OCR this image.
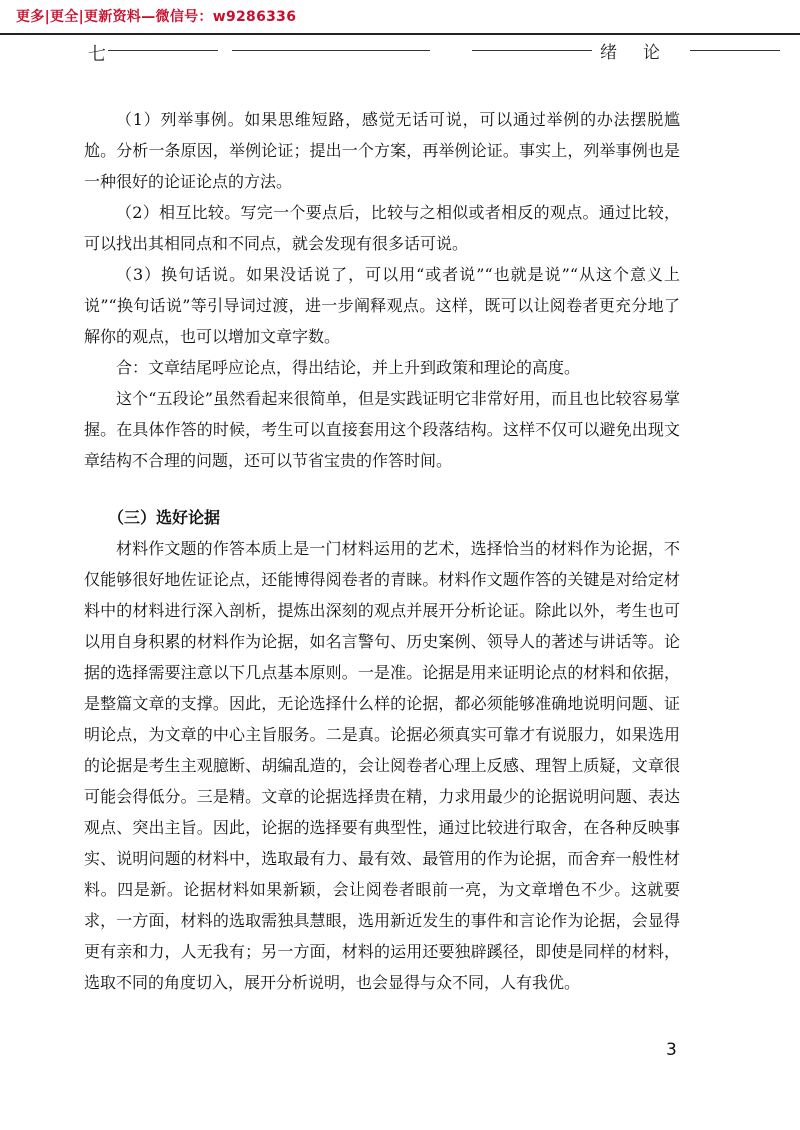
更多|更全|更新资料—微信号：w9286336
七	绪论

（1）列举事例。如果思维短路，感觉无话可说，可以通过举例的办法摆脱尴尬。分析一条原因，举例论证；提出一个方案，再举例论证。事实上，列举事例也是一种很好的论证论点的方法。

（2）相互比较。写完一个要点后，比较与之相似或者相反的观点。通过比较，可以找出其相同点和不同点，就会发现有很多话可说。

（3）换句话说。如果没话说了，可以用“或者说”“也就是说”“从这个意义上说”“换句话说”等引导词过渡，进一步阐释观点。这样，既可以让阅卷者更充分地了解你的观点，也可以增加文章字数。

合：文章结尾呼应论点，得出结论，并上升到政策和理论的高度。

这个“五段论”虽然看起来很简单，但是实践证明它非常好用，而且也比较容易掌握。在具体作答的时候，考生可以直接套用这个段落结构。这样不仅可以避免出现文章结构不合理的问题，还可以节省宝贵的作答时间。

（三）选好论据

材料作文题的作答本质上是一门材料运用的艺术，选择恰当的材料作为论据，不仅能够很好地佐证论点，还能博得阅卷者的青睐。材料作文题作答的关键是对给定材料中的材料进行深入剖析，提炼出深刻的观点并展开分析论证。除此以外，考生也可以用自身积累的材料作为论据，如名言警句、历史案例、领导人的著述与讲话等。论据的选择需要注意以下几点基本原则。一是准。论据是用来证明论点的材料和依据，是整篇文章的支撑。因此，无论选择什么样的论据，都必须能够准确地说明问题、证明论点，为文章的中心主旨服务。二是真。论据必须真实可靠才有说服力，如果选用的论据是考生主观臆断、胡编乱造的，会让阅卷者心理上反感、理智上质疑，文章很可能会得低分。三是精。文章的论据选择贵在精，力求用最少的论据说明问题、表达观点、突出主旨。因此，论据的选择要有典型性，通过比较进行取舍，在各种反映事实、说明问题的材料中，选取最有力、最有效、最管用的作为论据，而舍弃一般性材料。四是新。论据材料如果新颖，会让阅卷者眼前一亮，为文章增色不少。这就要求，一方面，材料的选取需独具慧眼，选用新近发生的事件和言论作为论据，会显得更有亲和力，人无我有；另一方面，材料的运用还要独辟蹊径，即使是同样的材料，选取不同的角度切入，展开分析说明，也会显得与众不同，人有我优。

3
